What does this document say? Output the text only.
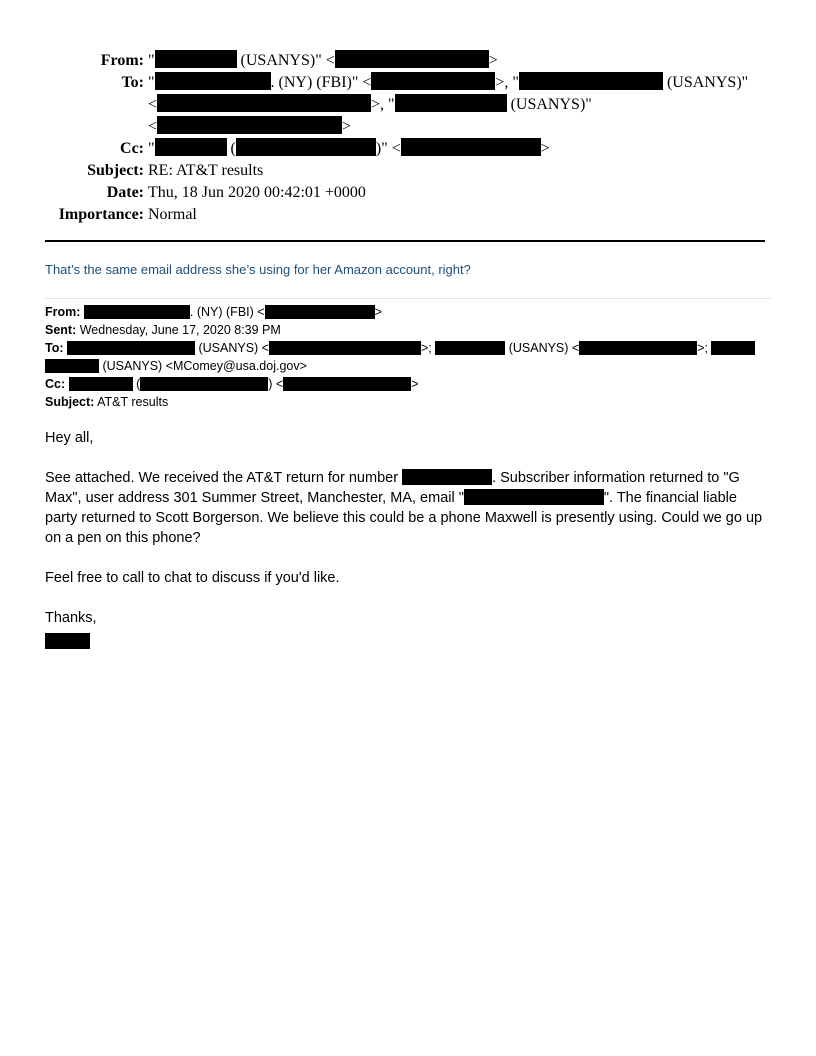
From: "	(USANYS)" <	>
To: "	. (NY) (FBI)" <	>, "	(USANYS)"
<	>, "	(USANYS)"
<	>
Cc: "	(	)" <	>
Subject: RE: AT&T results
Date: Thu, 18 Jun 2020 00:42:01 +0000
Importance: Normal
That’s the same email address she’s using for her Amazon account, right?
From:	. (NY) (FBI) <	>
Sent: Wednesday, June 17, 2020 8:39 PM
To:	(USANYS) <	>;	(USANYS) <	>;
(USANYS) <MComey@usa.doj.gov>
Cc:	(	) <	>
Subject: AT&T results

Hey all,

See attached. We received the AT&T return for number	. Subscriber information returned to "G Max", user address 301 Summer Street, Manchester, MA, email "	". The financial liable party returned to Scott Borgerson. We believe this could be a phone Maxwell is presently using. Could we go up on a pen on this phone?

Feel free to call to chat to discuss if you'd like.

Thanks,
